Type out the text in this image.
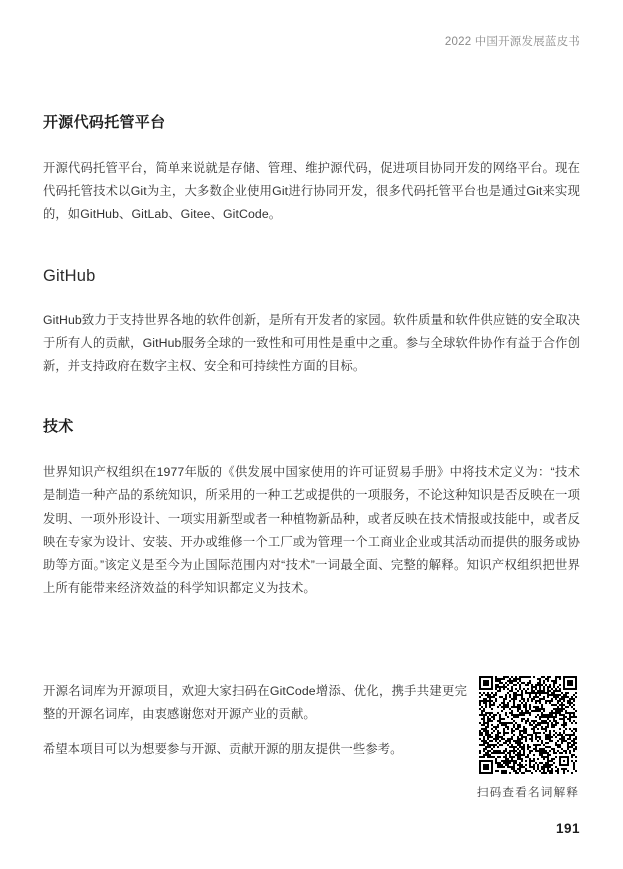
2022 中国开源发展蓝皮书
开源代码托管平台

开源代码托管平台，简单来说就是存储、管理、维护源代码，促进项目协同开发的网络平台。现在代码托管技术以Git为主，大多数企业使用Git进行协同开发，很多代码托管平台也是通过Git来实现的，如GitHub、GitLab、Gitee、GitCode。

GitHub

GitHub致力于支持世界各地的软件创新，是所有开发者的家园。软件质量和软件供应链的安全取决于所有人的贡献，GitHub服务全球的一致性和可用性是重中之重。参与全球软件协作有益于合作创新，并支持政府在数字主权、安全和可持续性方面的目标。

技术

世界知识产权组织在1977年版的《供发展中国家使用的许可证贸易手册》中将技术定义为：“技术是制造一种产品的系统知识，所采用的一种工艺或提供的一项服务，不论这种知识是否反映在一项发明、一项外形设计、一项实用新型或者一种植物新品种，或者反映在技术情报或技能中，或者反映在专家为设计、安装、开办或维修一个工厂或为管理一个工商业企业或其活动而提供的服务或协助等方面。”该定义是至今为止国际范围内对“技术”一词最全面、完整的解释。知识产权组织把世界上所有能带来经济效益的科学知识都定义为技术。

开源名词库为开源项目，欢迎大家扫码在GitCode增添、优化，携手共建更完整的开源名词库，由衷感谢您对开源产业的贡献。

希望本项目可以为想要参与开源、贡献开源的朋友提供一些参考。

扫码查看名词解释
191
